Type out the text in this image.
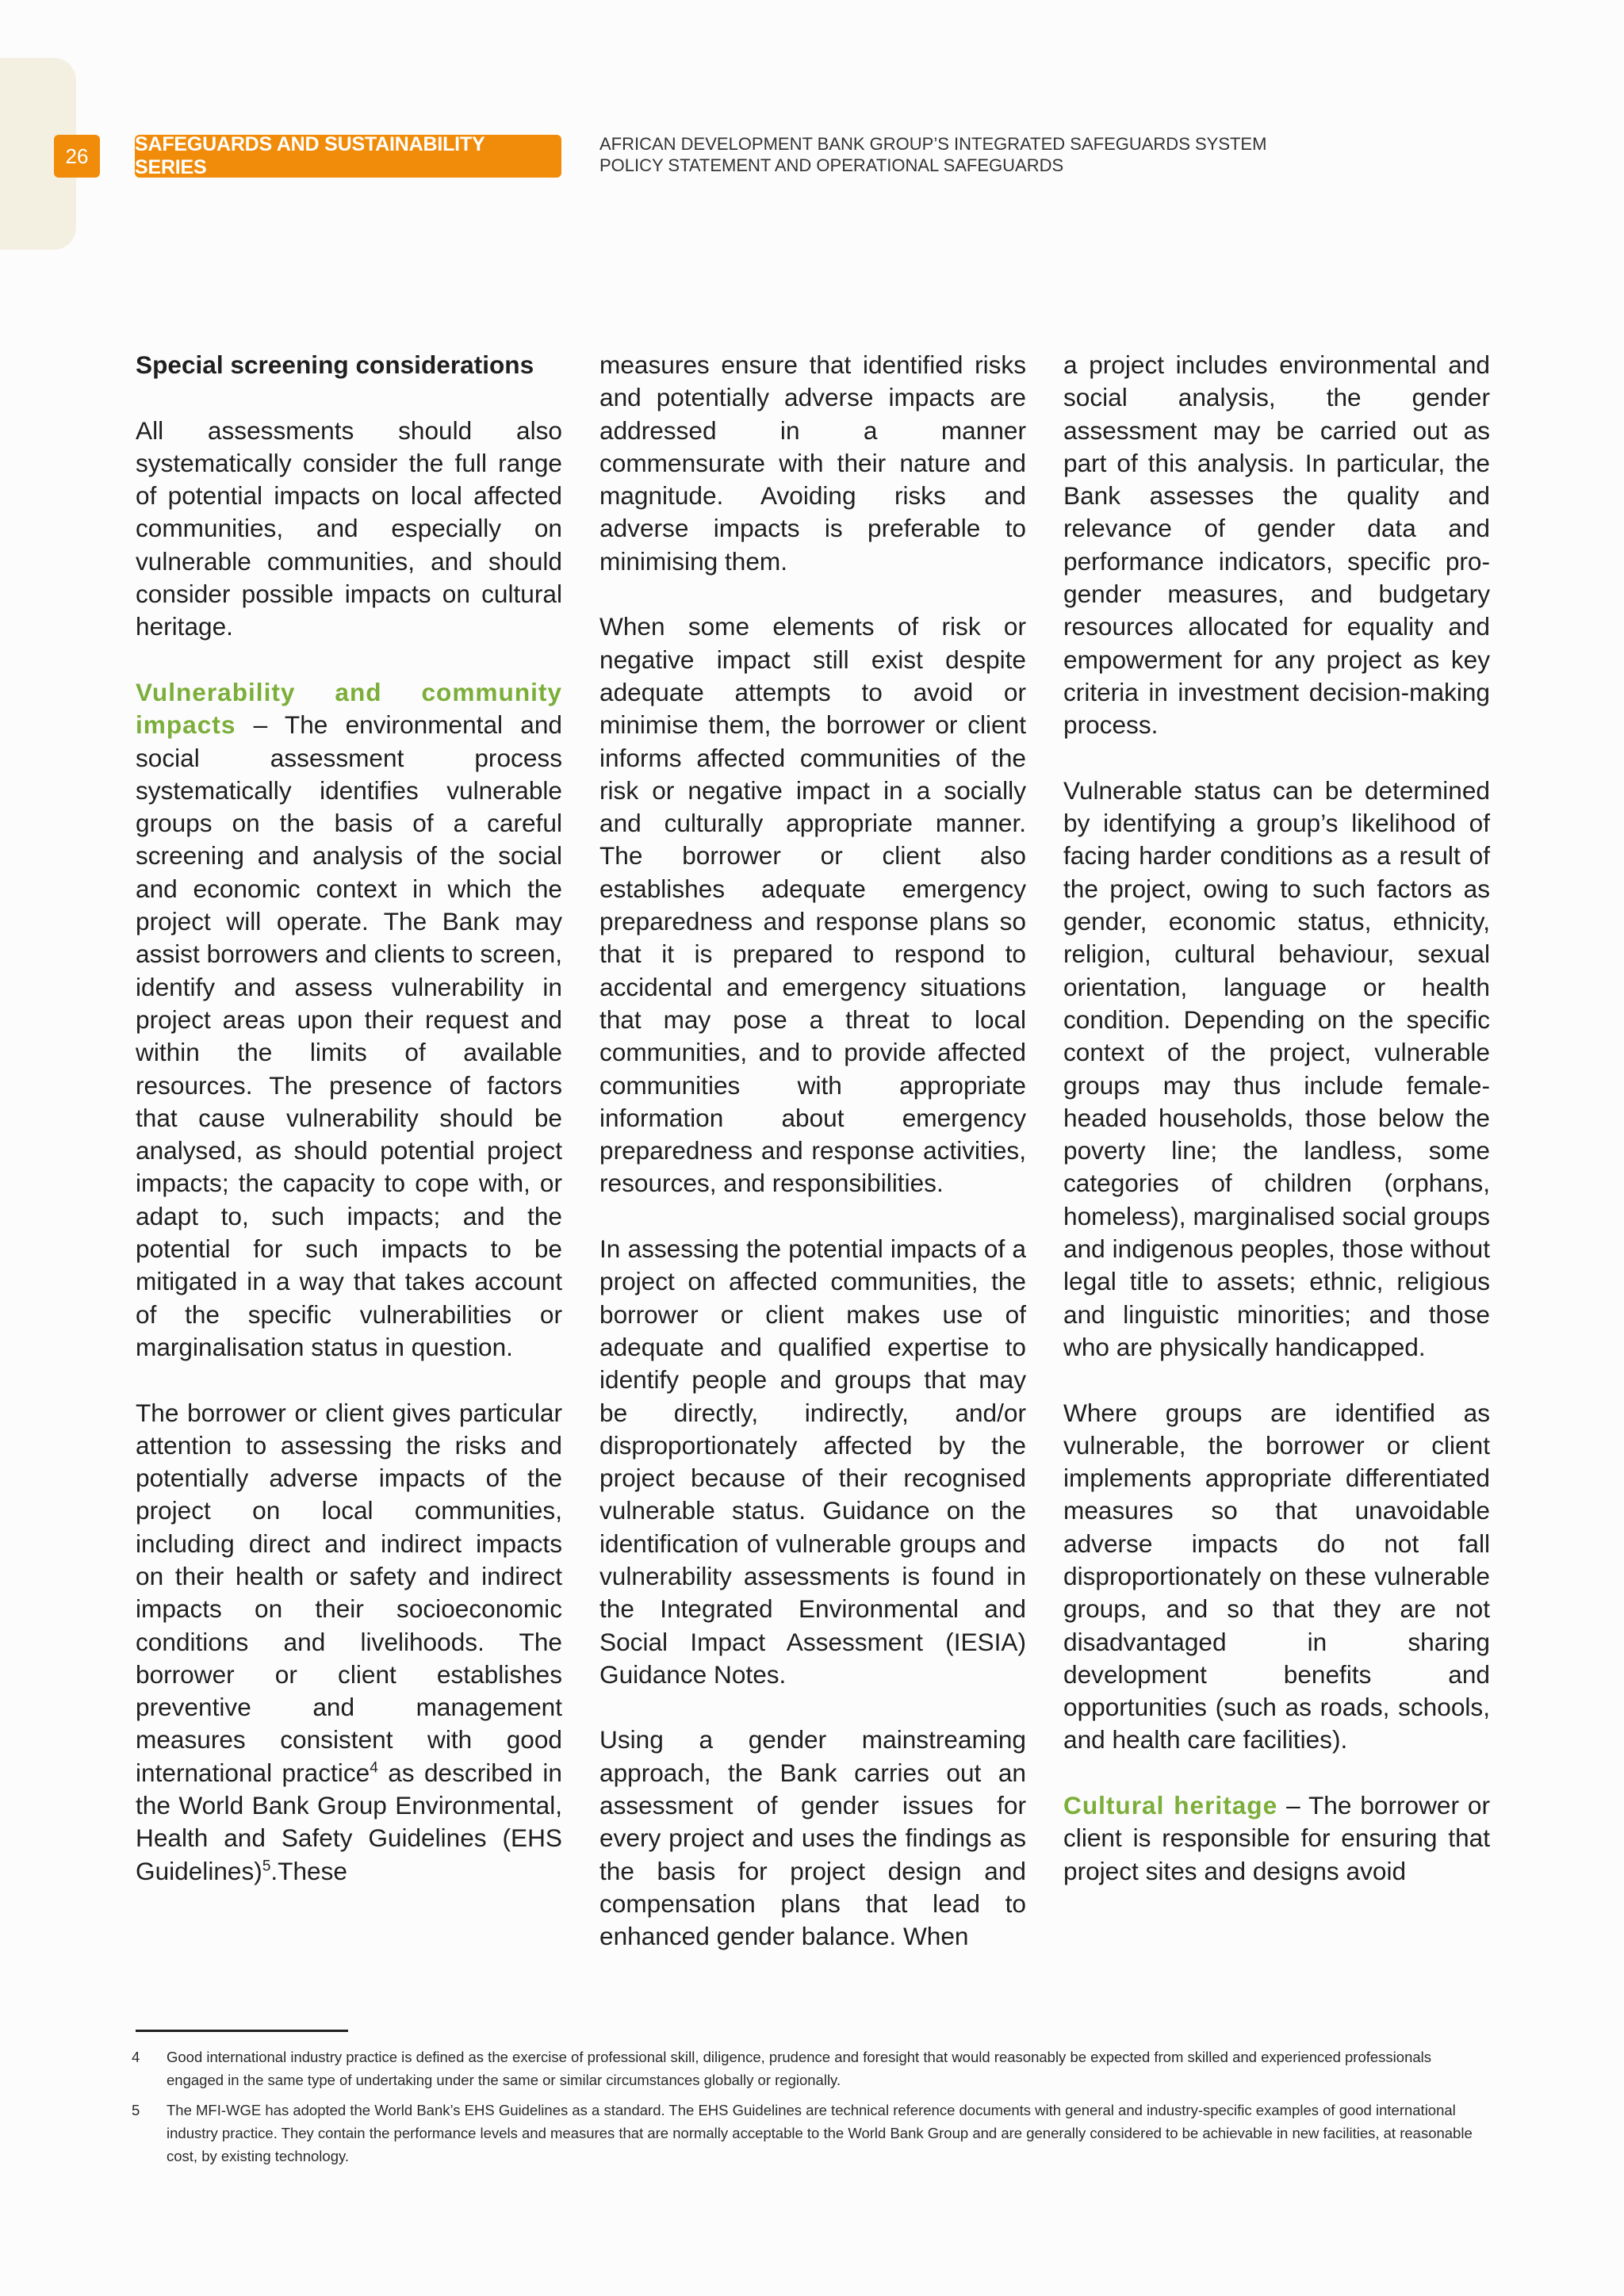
26	SAFEGUARDS AND SUSTAINABILITY SERIES
AFRICAN DEVELOPMENT BANK GROUP’S INTEGRATED SAFEGUARDS SYSTEM
POLICY STATEMENT AND OPERATIONAL SAFEGUARDS

Special screening considerations

All assessments should also systematically consider the full range of potential impacts on local affected communities, and especially on vulnerable communities, and should consider possible impacts on cultural heritage.

Vulnerability and community impacts – The environmental and social assessment process systematically identifies vulnerable groups on the basis of a careful screening and analysis of the social and economic context in which the project will operate. The Bank may assist borrowers and clients to screen, identify and assess vulnerability in project areas upon their request and within the limits of available resources. The presence of factors that cause vulnerability should be analysed, as should potential project impacts; the capacity to cope with, or adapt to, such impacts; and the potential for such impacts to be mitigated in a way that takes account of the specific vulnerabilities or marginalisation status in question.

The borrower or client gives particular attention to assessing the risks and potentially adverse impacts of the project on local communities, including direct and indirect impacts on their health or safety and indirect impacts on their socioeconomic conditions and livelihoods. The borrower or client establishes preventive and management measures consistent with good international practice$^4$ as described in the World Bank Group Environmental, Health and Safety Guidelines (EHS Guidelines)$^5$.These

measures ensure that identified risks and potentially adverse impacts are addressed in a manner commensurate with their nature and magnitude. Avoiding risks and adverse impacts is preferable to minimising them.

When some elements of risk or negative impact still exist despite adequate attempts to avoid or minimise them, the borrower or client informs affected communities of the risk or negative impact in a socially and culturally appropriate manner. The borrower or client also establishes adequate emergency preparedness and response plans so that it is prepared to respond to accidental and emergency situations that may pose a threat to local communities, and to provide affected communities with appropriate information about emergency preparedness and response activities, resources, and responsibilities.

In assessing the potential impacts of a project on affected communities, the borrower or client makes use of adequate and qualified expertise to identify people and groups that may be directly, indirectly, and/or disproportionately affected by the project because of their recognised vulnerable status. Guidance on the identification of vulnerable groups and vulnerability assessments is found in the Integrated Environmental and Social Impact Assessment (IESIA) Guidance Notes.

Using a gender mainstreaming approach, the Bank carries out an assessment of gender issues for every project and uses the findings as the basis for project design and compensation plans that lead to enhanced gender balance. When

a project includes environmental and social analysis, the gender assessment may be carried out as part of this analysis. In particular, the Bank assesses the quality and relevance of gender data and performance indicators, specific pro-gender measures, and budgetary resources allocated for equality and empowerment for any project as key criteria in investment decision-making process.

Vulnerable status can be determined by identifying a group’s likelihood of facing harder conditions as a result of the project, owing to such factors as gender, economic status, ethnicity, religion, cultural behaviour, sexual orientation, language or health condition. Depending on the specific context of the project, vulnerable groups may thus include female-headed households, those below the poverty line; the landless, some categories of children (orphans, homeless), marginalised social groups and indigenous peoples, those without legal title to assets; ethnic, religious and linguistic minorities; and those who are physically handicapped.

Where groups are identified as vulnerable, the borrower or client implements appropriate differentiated measures so that unavoidable adverse impacts do not fall disproportionately on these vulnerable groups, and so that they are not disadvantaged in sharing development benefits and opportunities (such as roads, schools, and health care facilities).

Cultural heritage – The borrower or client is responsible for ensuring that project sites and designs avoid

4	Good international industry practice is defined as the exercise of professional skill, diligence, prudence and foresight that would reasonably be expected from skilled and experienced professionals engaged in the same type of undertaking under the same or similar circumstances globally or regionally.
5	The MFI-WGE has adopted the World Bank’s EHS Guidelines as a standard. The EHS Guidelines are technical reference documents with general and industry-specific examples of good international industry practice. They contain the performance levels and measures that are normally acceptable to the World Bank Group and are generally considered to be achievable in new facilities, at reasonable cost, by existing technology.
